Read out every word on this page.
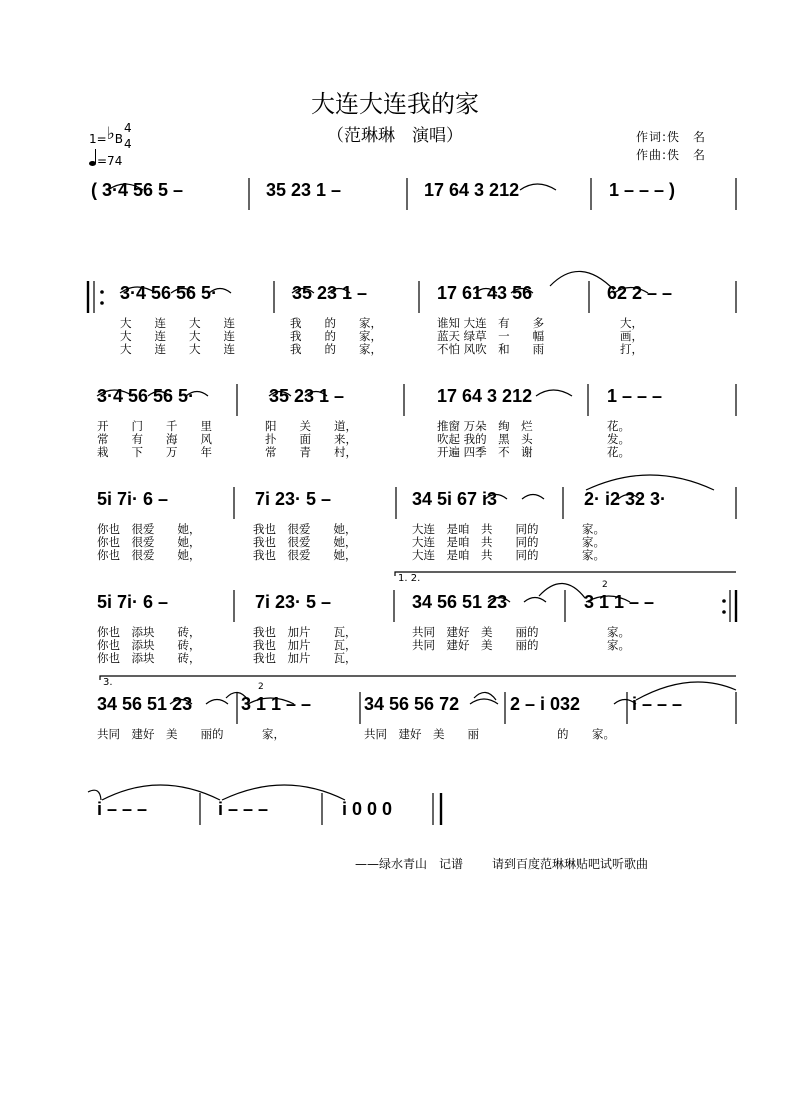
大连大连我的家
（范琳琳　演唱）	作词:佚　名
作曲:佚　名
1=♭B
4
4
=74
1. 2.
3.
( 3·4 56 5 –	35 23 1 –	17 64 3 212	1 – – – )
3·4 56 56 5·	35 23 1 –	17 61 43 56	62 2 – –
大　　连　　大　　连	我　　的　　家，	谁知 大连　有　　多	大，
大　　连　　大　　连	我　　的　　家，	蓝天 绿草　一　　幅	画，
大　　连　　大　　连	我　　的　　家，	不怕 风吹　和　　雨	打，
3·4 56 56 5·	35 23 1 –	17 64 3 212	1 – – –
开　　门　　千　　里	阳　　关　　道，	推窗 万朵　绚　烂	花。
常　　有　　海　　风	扑　　面　　来，	吹起 我的　黑　头	发。
栽　　下　　万　　年	常　　青　　村，	开遍 四季　不　谢	花。
5i 7i· 6 –	7i 23· 5 –	34 5i 67 i3	2· i2 32 3·
你也　很爱　　她，	我也　很爱　　她，	大连　是咱　共　　同的	家。
你也　很爱　　她，	我也　很爱　　她，	大连　是咱　共　　同的	家。
你也　很爱　　她，	我也　很爱　　她，	大连　是咱　共　　同的	家。
5i 7i· 6 –	7i 23· 5 –	34 56 51 23	3 1 1 – –
2
你也　添块　　砖，	我也　加片　　瓦，	共同　建好　美　　丽的	家。
你也　添块　　砖，	我也　加片　　瓦，	共同　建好　美　　丽的	家。
你也　添块　　砖，	我也　加片　　瓦，
34 56 51 23	3 1 1 – –	34 56 56 72	2 – i 032	i – – –
2
共同　建好　美　　丽的	家，	共同　建好　美　　丽	的 家。
i – – –	i – – –	i 0 0 0
——绿水青山　记谱 请到百度范琳琳贴吧试听歌曲
